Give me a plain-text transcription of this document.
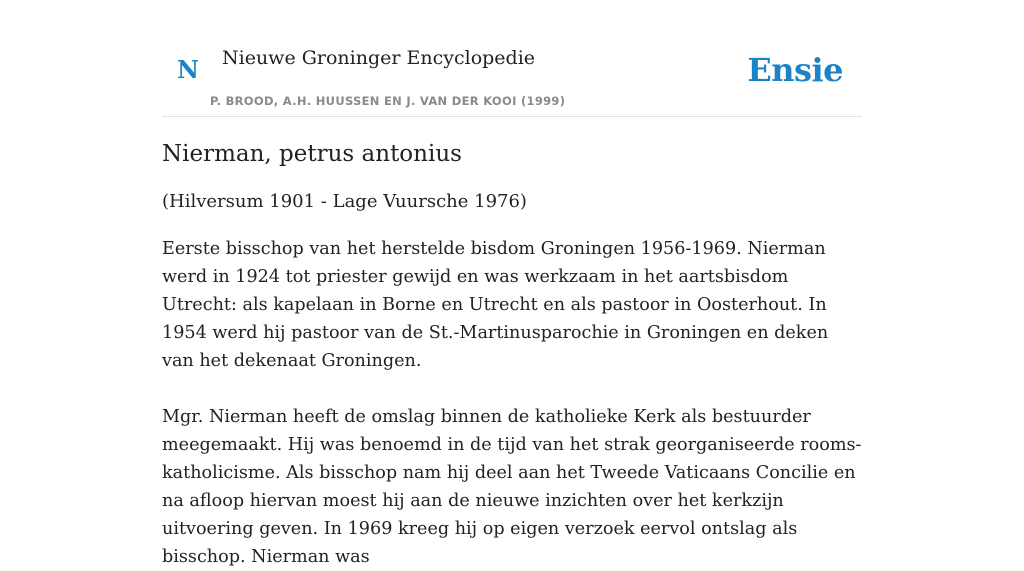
N Nieuwe Groninger Encyclopedie
P. BROOD, A.H. HUUSSEN EN J. VAN DER KOOI (1999)
Ensie
Nierman, petrus antonius

(Hilversum 1901 - Lage Vuursche 1976)

Eerste bisschop van het herstelde bisdom Groningen 1956-1969. Nierman werd in 1924 tot priester gewijd en was werkzaam in het aartsbisdom Utrecht: als kapelaan in Borne en Utrecht en als pastoor in Oosterhout. In 1954 werd hij pastoor van de St.-Martinusparochie in Groningen en deken van het dekenaat Groningen.

Mgr. Nierman heeft de omslag binnen de katholieke Kerk als bestuurder meegemaakt. Hij was benoemd in de tijd van het strak georganiseerde rooms-katholicisme. Als bisschop nam hij deel aan het Tweede Vaticaans Concilie en na afloop hiervan moest hij aan de nieuwe inzichten over het kerkzijn uitvoering geven. In 1969 kreeg hij op eigen verzoek eervol ontslag als bisschop. Nierman was
